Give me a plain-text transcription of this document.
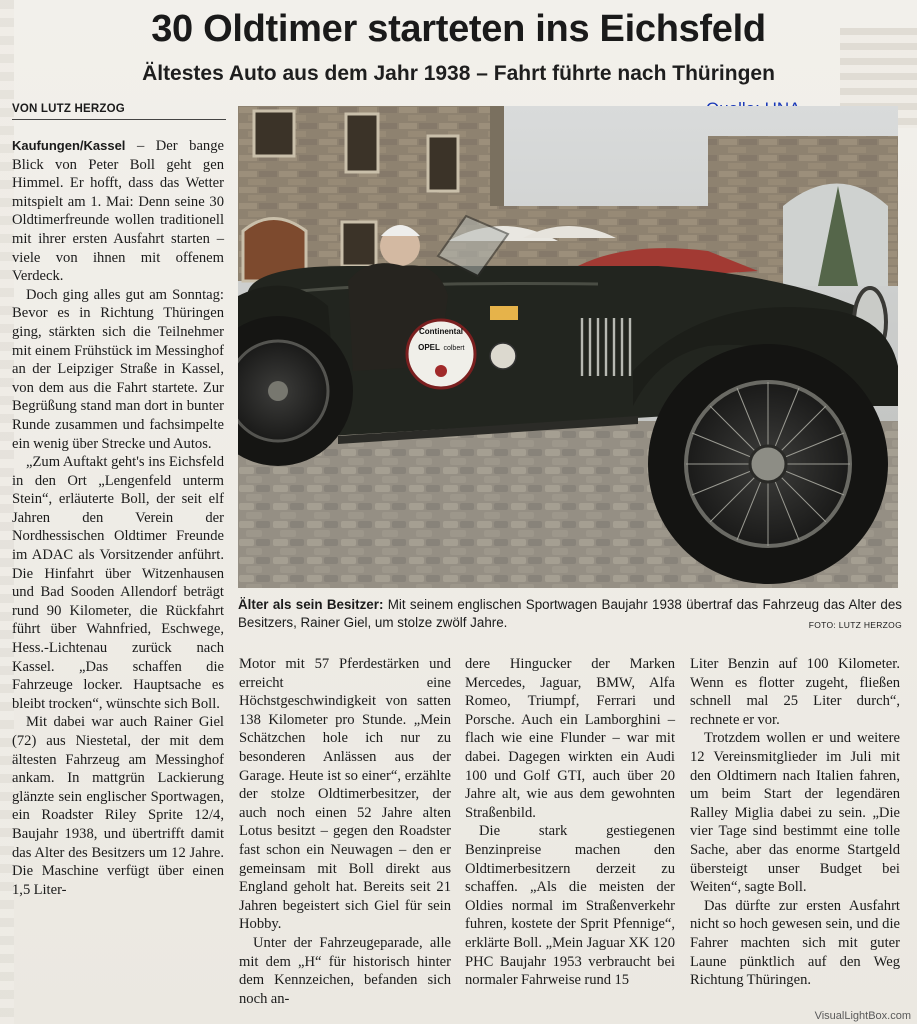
30 Oldtimer starteten ins Eichsfeld
Ältestes Auto aus dem Jahr 1938 – Fahrt führte nach Thüringen
VON LUTZ HERZOG

Kaufungen/Kassel – Der bange Blick von Peter Boll geht gen Himmel. Er hofft, dass das Wetter mitspielt am 1. Mai: Denn seine 30 Oldtimerfreunde wollen traditionell mit ihrer ersten Ausfahrt starten – viele von ihnen mit offenem Verdeck.

Doch ging alles gut am Sonntag: Bevor es in Richtung Thüringen ging, stärkten sich die Teilnehmer mit einem Frühstück im Messinghof an der Leipziger Straße in Kassel, von dem aus die Fahrt startete. Zur Begrüßung stand man dort in bunter Runde zusammen und fachsimpelte ein wenig über Strecke und Autos.

„Zum Auftakt geht's ins Eichsfeld in den Ort „Lengenfeld unterm Stein“, erläuterte Boll, der seit elf Jahren den Verein der Nordhessischen Oldtimer Freunde im ADAC als Vorsitzender anführt. Die Hinfahrt über Witzenhausen und Bad Sooden Allendorf beträgt rund 90 Kilometer, die Rückfahrt führt über Wahnfried, Eschwege, Hess.-Lichtenau zurück nach Kassel. „Das schaffen die Fahrzeuge locker. Hauptsache es bleibt trocken“, wünschte sich Boll.

Mit dabei war auch Rainer Giel (72) aus Niestetal, der mit dem ältesten Fahrzeug am Messinghof ankam. In mattgrün Lackierung glänzte sein englischer Sportwagen, ein Roadster Riley Sprite 12/4, Baujahr 1938, und übertrifft damit das Alter des Besitzers um 12 Jahre. Die Maschine verfügt über einen 1,5 Liter-

Continental
OPEL colbert
Älter als sein Besitzer: Mit seinem englischen Sportwagen Baujahr 1938 übertraf das Fahrzeug das Alter des Besitzers, Rainer Giel, um stolze zwölf Jahre.	FOTO: LUTZ HERZOG

Motor mit 57 Pferdestärken und erreicht eine Höchstgeschwindigkeit von satten 138 Kilometer pro Stunde. „Mein Schätzchen hole ich nur zu besonderen Anlässen aus der Garage. Heute ist so einer“, erzählte der stolze Oldtimerbesitzer, der auch noch einen 52 Jahre alten Lotus besitzt – gegen den Roadster fast schon ein Neuwagen – den er gemeinsam mit Boll direkt aus England geholt hat. Bereits seit 21 Jahren begeistert sich Giel für sein Hobby.

Unter der Fahrzeugeparade, alle mit dem „H“ für historisch hinter dem Kennzeichen, befanden sich noch an-

dere Hingucker der Marken Mercedes, Jaguar, BMW, Alfa Romeo, Triumpf, Ferrari und Porsche. Auch ein Lamborghini – flach wie eine Flunder – war mit dabei. Dagegen wirkten ein Audi 100 und Golf GTI, auch über 20 Jahre alt, wie aus dem gewohnten Straßenbild.

Die stark gestiegenen Benzinpreise machen den Oldtimerbesitzern derzeit zu schaffen. „Als die meisten der Oldies normal im Straßenverkehr fuhren, kostete der Sprit Pfennige“, erklärte Boll. „Mein Jaguar XK 120 PHC Baujahr 1953 verbraucht bei normaler Fahrweise rund 15

Liter Benzin auf 100 Kilometer. Wenn es flotter zugeht, fließen schnell mal 25 Liter durch“, rechnete er vor.

Trotzdem wollen er und weitere 12 Vereinsmitglieder im Juli mit den Oldtimern nach Italien fahren, um beim Start der legendären Ralley Miglia dabei zu sein. „Die vier Tage sind bestimmt eine tolle Sache, aber das enorme Startgeld übersteigt unser Budget bei Weiten“, sagte Boll.

Das dürfte zur ersten Ausfahrt nicht so hoch gewesen sein, und die Fahrer machten sich mit guter Laune pünktlich auf den Weg Richtung Thüringen.

VisualLightBox.com
